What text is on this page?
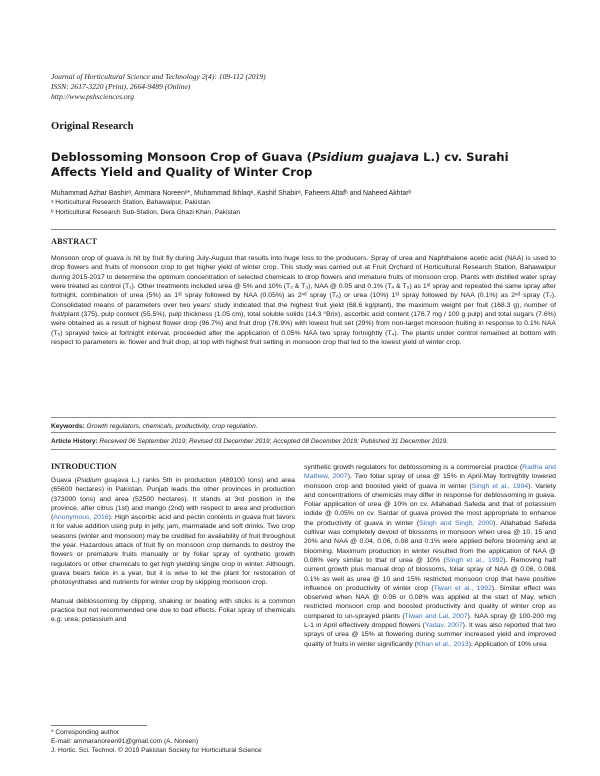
Journal of Horticultural Science and Technology 2(4): 109-112 (2019)
ISSN: 2617-3220 (Print), 2664-9489 (Online)
http://www.pshsciences.org
Original Research
Deblossoming Monsoon Crop of Guava (Psidium guajava L.) cv. Surahi Affects Yield and Quality of Winter Crop
Muhammad Azhar Bashirᵃ, Ammara Noreenᵃ*, Muhammad Ikhlaqᵃ, Kashif Shabirᵃ, Faheem Altafᵇ and Naheed Akhtarᵇ
ᵃ Horticultural Research Station, Bahawalpur, Pakistan
ᵇ Horticultural Research Sub-Station, Dera Ghazi Khan, Pakistan
ABSTRACT
Monsoon crop of guava is hit by fruit fly during July-August that results into huge loss to the producers. Spray of urea and Naphthalene acetic acid (NAA) is used to drop flowers and fruits of monsoon crop to get higher yield of winter crop. This study was carried out at Fruit Orchard of Horticultural Research Station, Bahawalpur during 2015-2017 to determine the optimum concentration of selected chemicals to drop flowers and immature fruits of monsoon crop. Plants with distilled water spray were treated as control (T₁). Other treatments included urea @ 5% and 10% (T₂ & T₃), NAA @ 0.05 and 0.1% (T₄ & T₅) as 1ˢᵗ spray and repeated the same spray after fortnight, combination of urea (5%) as 1ˢᵗ spray followed by NAA (0.05%) as 2ⁿᵈ spray (T₆) or urea (10%) 1ˢᵗ spray followed by NAA (0.1%) as 2ⁿᵈ spray (T₇). Consolidated means of parameters over two years' study indicated that the highest fruit yield (68.6 kg/plant), the maximum weight per fruit (168.3 g), number of fruit/plant (375), pulp content (55.5%), pulp thickness (1.05 cm), total soluble solids (14.3 °Brix), ascorbic acid content (176.7 mg / 100 g pulp) and total sugars (7.6%) were obtained as a result of highest flower drop (96.7%) and fruit drop (76.9%) with lowest fruit set (29%) from non-target monsoon fruiting in response to 0.1% NAA (T₅) sprayed twice at fortnight interval, proceeded after the application of 0.05% NAA two spray fortnightly (T₄). The plants under control remained at bottom with respect to parameters ie. flower and fruit drop, at top with highest fruit setting in monsoon crop that led to the lowest yield of winter crop.
Keywords: Growth regulators, chemicals, productivity, crop regulation.
Article History: Received 06 September 2019; Revised 03 December 2019; Accepted 08 December 2019; Published 31 December 2019.
INTRODUCTION

Guava (Psidium guajava L.) ranks 5th in production (489100 tons) and area (65600 hectares) in Pakistan. Punjab leads the other provinces in production (373000 tons) and area (52500 hectares). It stands at 3rd position in the province, after citrus (1st) and mango (2nd) with respect to area and production (Anonymous, 2016). High ascorbic acid and pectin contents in guava fruit favors it for value addition using pulp in jelly, jam, marmalade and soft drinks. Two crop seasons (winter and monsoon) may be credited for availability of fruit throughout the year. Hazardous attack of fruit fly on monsoon crop demands to destroy the flowers or premature fruits manually or by foliar spray of synthetic growth regulators or other chemicals to get high yielding single crop in winter. Although, guava bears twice in a year, but it is wise to let the plant for restoration of photosynthates and nutrients for winter crop by skipping monsoon crop.

Manual deblossoming by clipping, shaking or beating with sticks is a common practice but not recommended one due to bad effects. Foliar spray of chemicals e.g. urea, potassium and

synthetic growth regulators for deblossoming is a commercial practice (Radha and Mathew, 2007). Two foliar spray of urea @ 15% in April-May fortnightly lowered monsoon crop and boosted yield of guava in winter (Singh et al., 1994). Variety and concentrations of chemicals may differ in response for deblossoming in guava. Foliar application of urea @ 10% on cv. Allahabad Safeda and that of potassium iodide @ 0.05% on cv. Sardar of guava proved the most appropriate to enhance the productivity of guava in winter (Singh and Singh, 2000). Allahabad Safeda cultivar was completely devoid of blossoms in monsoon when urea @ 10, 15 and 20% and NAA @ 0.04, 0.06, 0.08 and 0.1% were applied before blooming and at blooming. Maximum production in winter resulted from the application of NAA @ 0.08% very similar to that of urea @ 10% (Singh et al., 1992). Removing half current growth plus manual drop of blossoms, foliar spray of NAA @ 0.06, 0.08& 0.1% as well as urea @ 10 and 15% restricted monsoon crop that have positive influence on productivity of winter crop (Tiwari et al., 1992). Similar effect was observed when NAA @ 0.06 or 0.08% was applied at the start of May, which restricted monsoon crop and boosted productivity and quality of winter crop as compared to un-sprayed plants (Tiwari and Lal, 2007). NAA spray @ 100-200 mg L-1 in April effectively dropped flowers (Yadav, 2007). It was also reported that two sprays of urea @ 15% at flowering during summer increased yield and improved quality of fruits in winter significantly (Khan et al., 2013). Application of 10% urea

* Corresponding author
E-mail: ammaranoreen91@gmail.com (A. Noreen)
J. Hortic. Sci. Technol. © 2019 Pakistan Society for Horticultural Science
